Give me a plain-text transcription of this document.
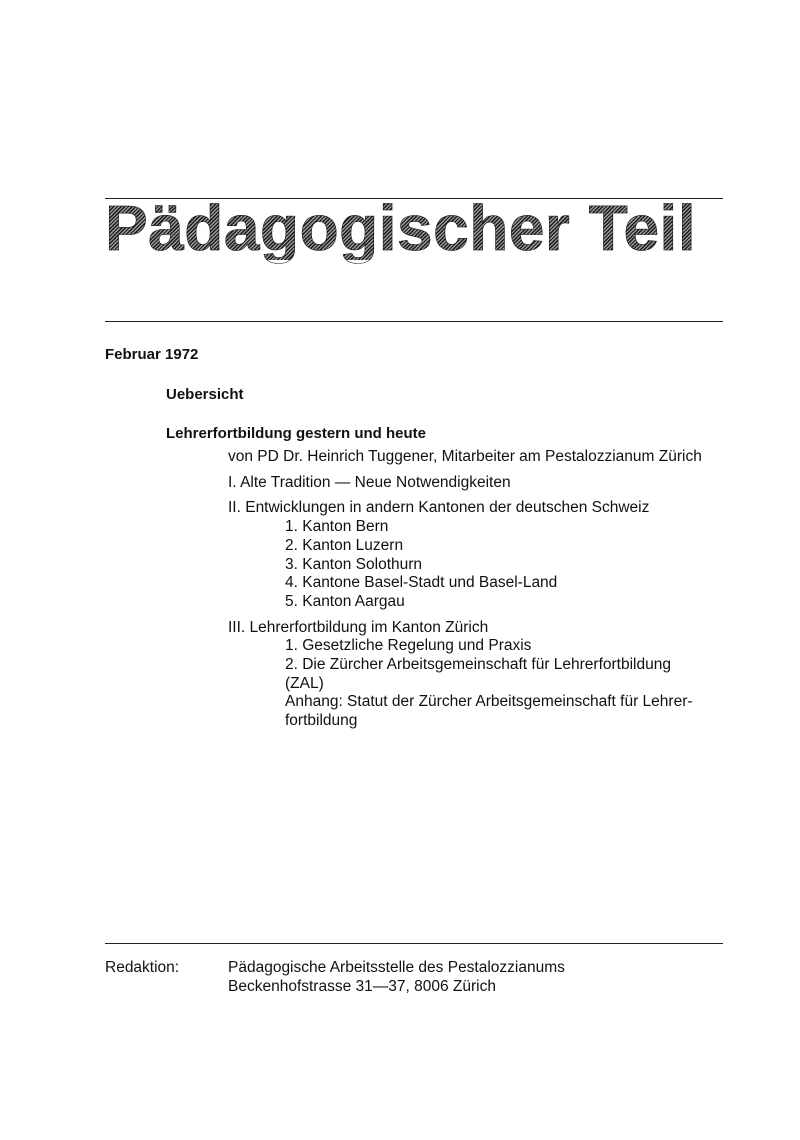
Pädagogischer Teil
Februar 1972
Uebersicht
Lehrerfortbildung gestern und heute

von PD Dr. Heinrich Tuggener, Mitarbeiter am Pestalozzianum Zürich

I. Alte Tradition — Neue Notwendigkeiten

II. Entwicklungen in andern Kantonen der deutschen Schweiz

1. Kanton Bern

2. Kanton Luzern

3. Kanton Solothurn

4. Kantone Basel-Stadt und Basel-Land

5. Kanton Aargau

III. Lehrerfortbildung im Kanton Zürich

1. Gesetzliche Regelung und Praxis

2. Die Zürcher Arbeitsgemeinschaft für Lehrerfortbildung

(ZAL)

Anhang: Statut der Zürcher Arbeitsgemeinschaft für Lehrer-

fortbildung

Redaktion:	Pädagogische Arbeitsstelle des Pestalozzianums

Beckenhofstrasse 31—37, 8006 Zürich
